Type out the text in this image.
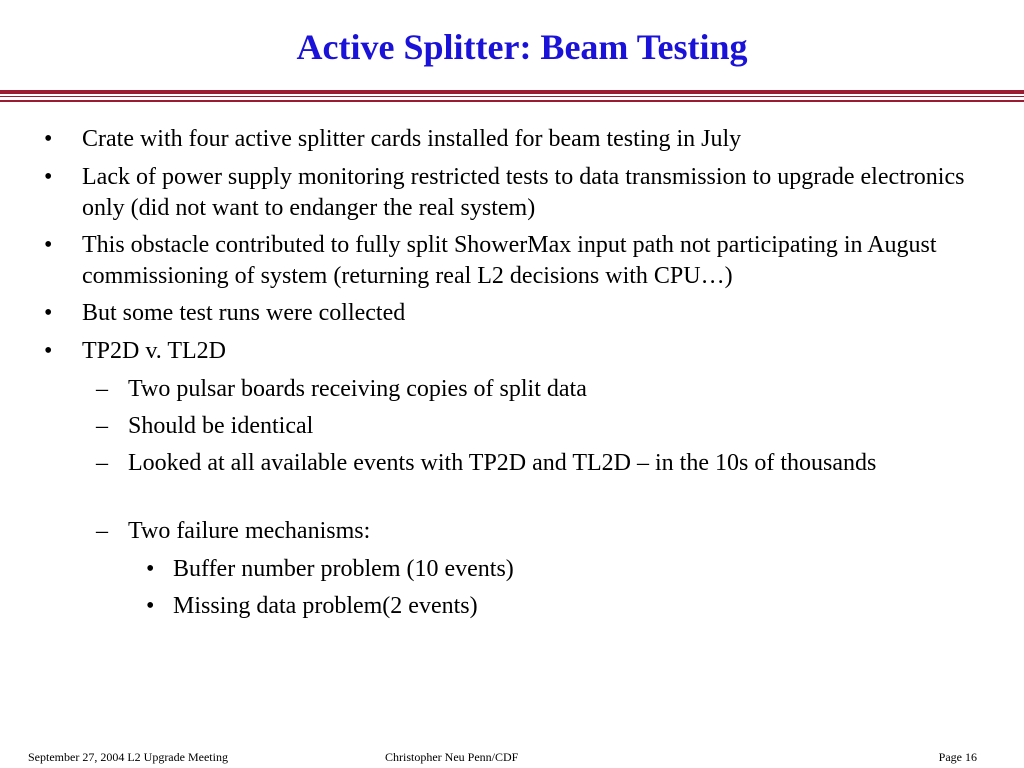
Active Splitter: Beam Testing
• Crate with four active splitter cards installed for beam testing in July
• Lack of power supply monitoring restricted tests to data transmission to upgrade electronics only (did not want to endanger the real system)
• This obstacle contributed to fully split ShowerMax input path not participating in August commissioning of system (returning real L2 decisions with CPU…)
• But some test runs were collected
• TP2D v. TL2D
– Two pulsar boards receiving copies of split data
– Should be identical
– Looked at all available events with TP2D and TL2D – in the 10s of thousands
– Two failure mechanisms:
• Buffer number problem (10 events)
• Missing data problem(2 events)
September 27, 2004 L2 Upgrade Meeting	Christopher Neu Penn/CDF	Page 16
